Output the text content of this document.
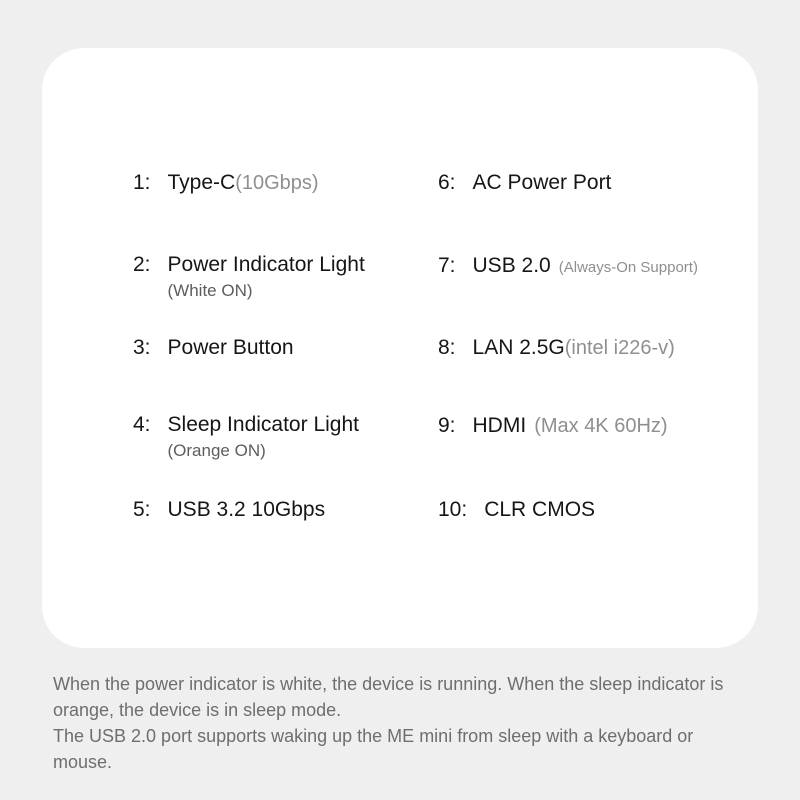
1: Type-C(10Gbps)
2: Power Indicator Light
(White ON)
3: Power Button
4: Sleep Indicator Light
(Orange ON)
5: USB 3.2 10Gbps
6: AC Power Port
7: USB 2.0 (Always-On Support)
8: LAN 2.5G(intel i226-v)
9: HDMI (Max 4K 60Hz)
10: CLR CMOS

When the power indicator is white, the device is running. When the sleep indicator is orange, the device is in sleep mode.

The USB 2.0 port supports waking up the ME mini from sleep with a keyboard or mouse.
